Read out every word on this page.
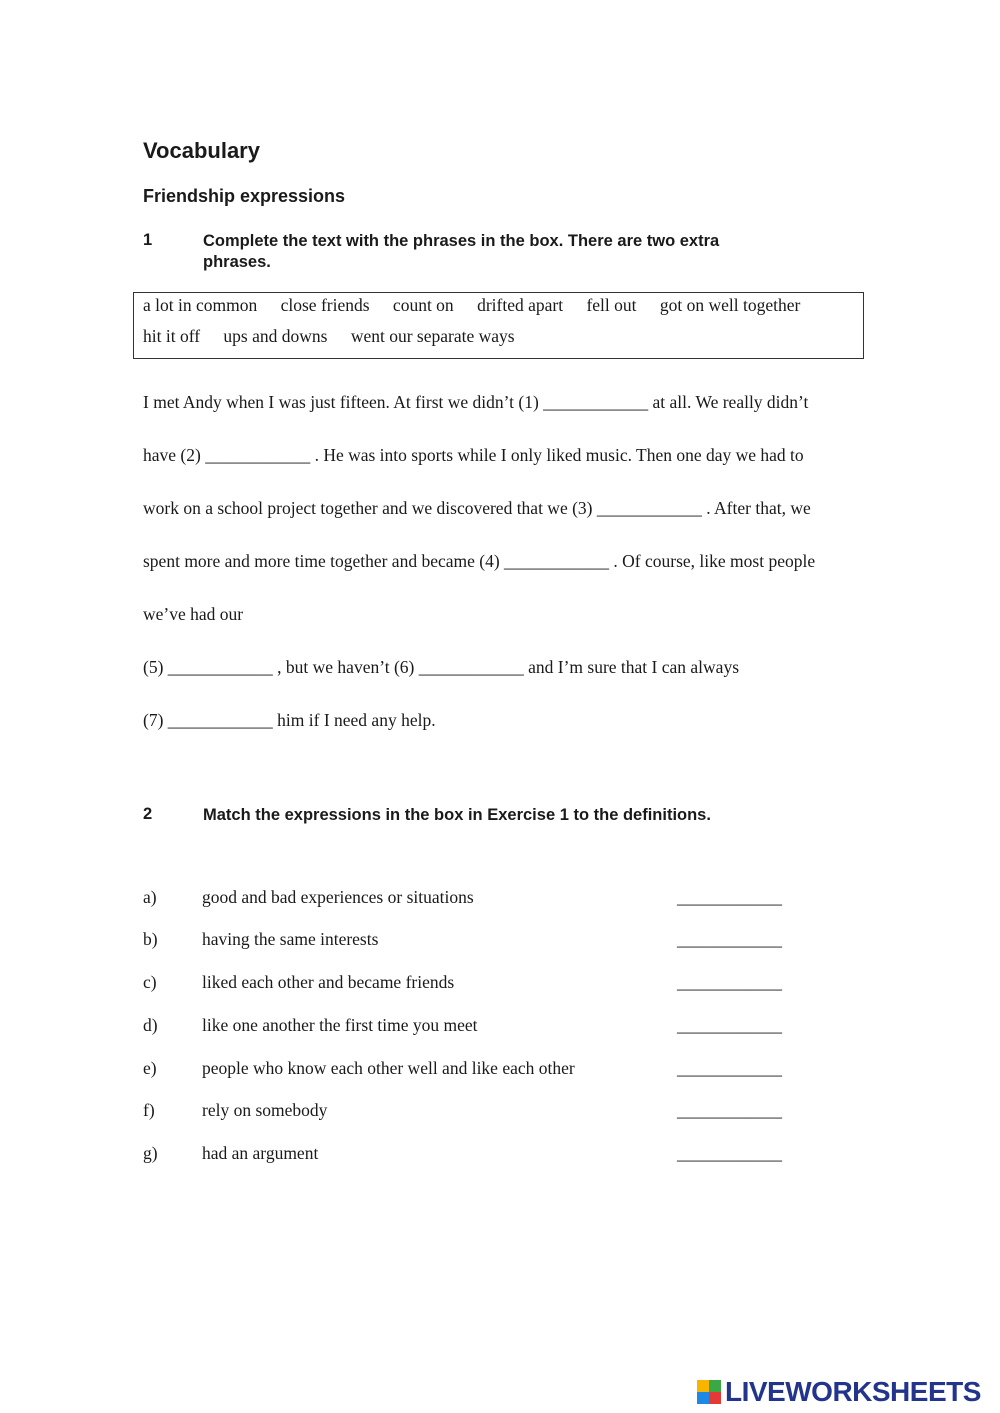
Vocabulary
Friendship expressions
1	Complete the text with the phrases in the box. There are two extra
phrases.
a lot in common close friends count on drifted apart fell out got on well together
hit it off ups and downs went our separate ways
I met Andy when I was just fifteen. At first we didn’t (1) ____________ at all. We really didn’t
have (2) ____________ . He was into sports while I only liked music. Then one day we had to
work on a school project together and we discovered that we (3) ____________ . After that, we
spent more and more time together and became (4) ____________ . Of course, like most people
we’ve had our
(5) ____________ , but we haven’t (6) ____________ and I’m sure that I can always
(7) ____________ him if I need any help.
2	Match the expressions in the box in Exercise 1 to the definitions.
a)	good and bad experiences or situations	____________
b)	having the same interests	____________
c)	liked each other and became friends	____________
d)	like one another the first time you meet	____________
e)	people who know each other well and like each other	____________
f)	rely on somebody	____________
g)	had an argument	____________
LIVEWORKSHEETS
